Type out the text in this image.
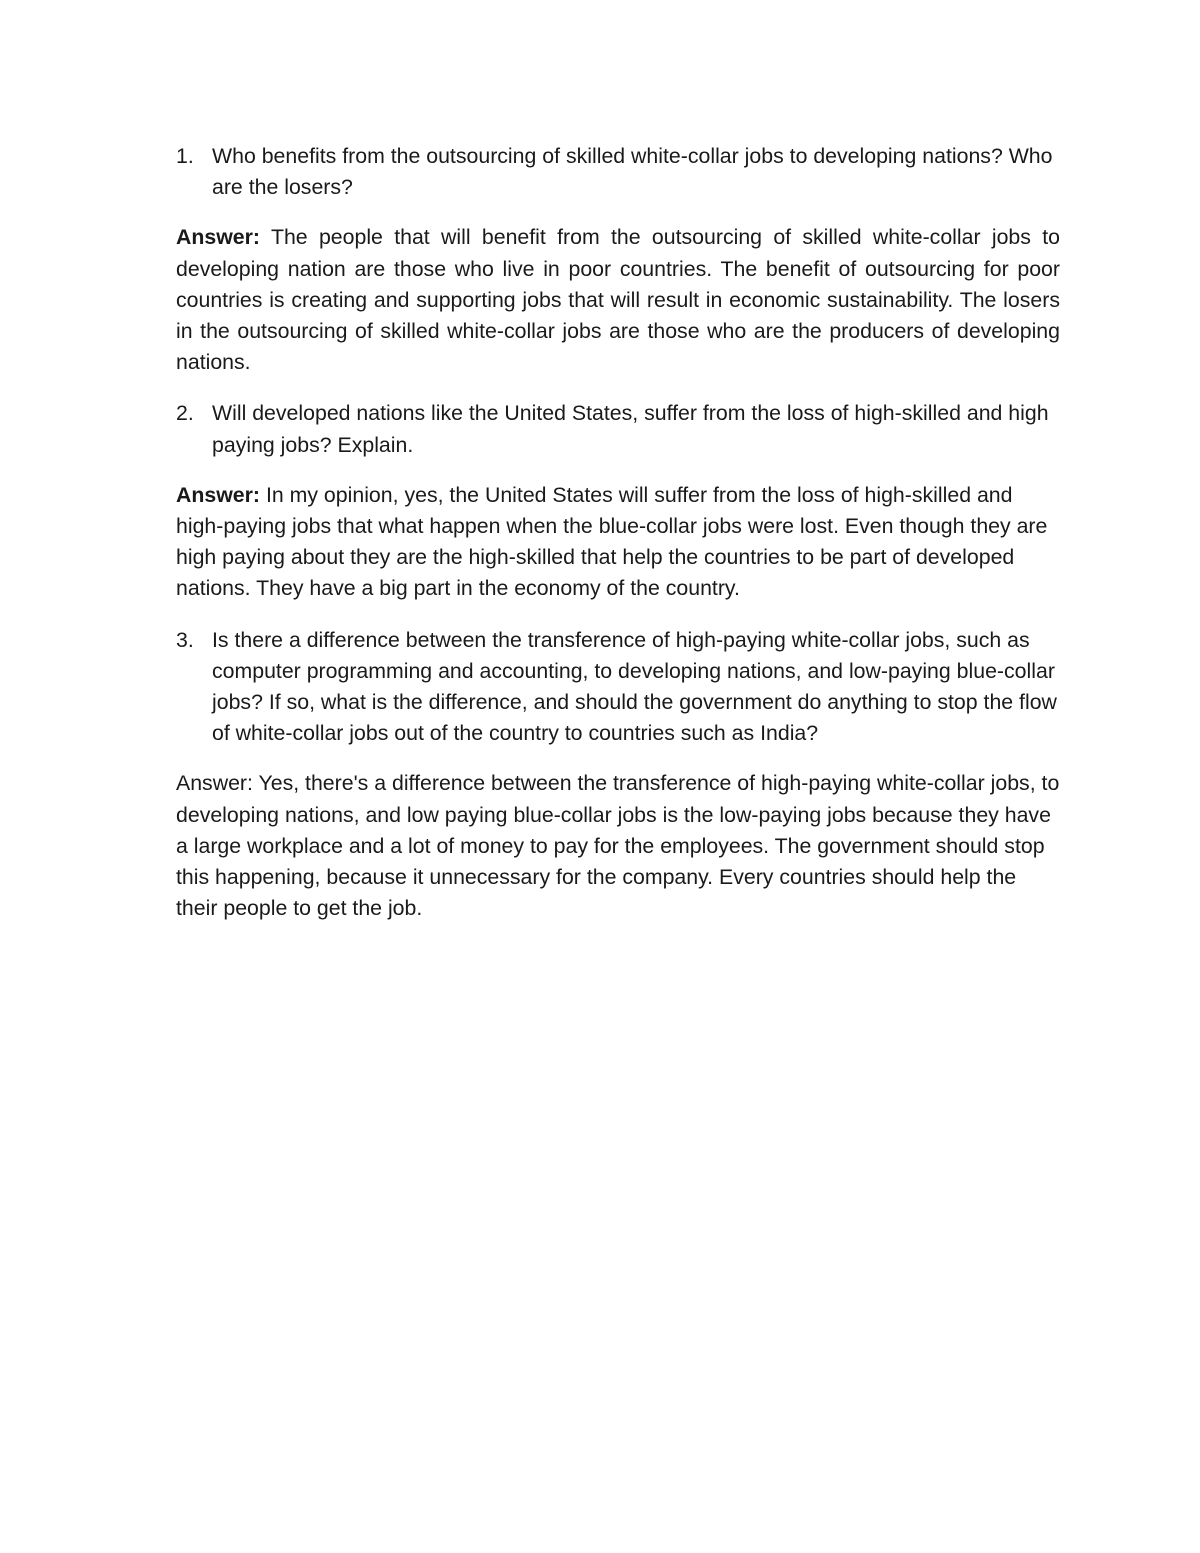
1. Who benefits from the outsourcing of skilled white-collar jobs to developing nations? Who are the losers?

Answer: The people that will benefit from the outsourcing of skilled white-collar jobs to developing nation are those who live in poor countries. The benefit of outsourcing for poor countries is creating and supporting jobs that will result in economic sustainability. The losers in the outsourcing of skilled white-collar jobs are those who are the producers of developing nations.

2. Will developed nations like the United States, suffer from the loss of high-skilled and high paying jobs? Explain.

Answer: In my opinion, yes, the United States will suffer from the loss of high-skilled and high-paying jobs that what happen when the blue-collar jobs were lost. Even though they are high paying about they are the high-skilled that help the countries to be part of developed nations. They have a big part in the economy of the country.

3. Is there a difference between the transference of high-paying white-collar jobs, such as computer programming and accounting, to developing nations, and low-paying blue-collar jobs? If so, what is the difference, and should the government do anything to stop the flow of white-collar jobs out of the country to countries such as India?

Answer: Yes, there's a difference between the transference of high-paying white-collar jobs, to developing nations, and low paying blue-collar jobs is the low-paying jobs because they have a large workplace and a lot of money to pay for the employees. The government should stop this happening, because it unnecessary for the company. Every countries should help the their people to get the job.
